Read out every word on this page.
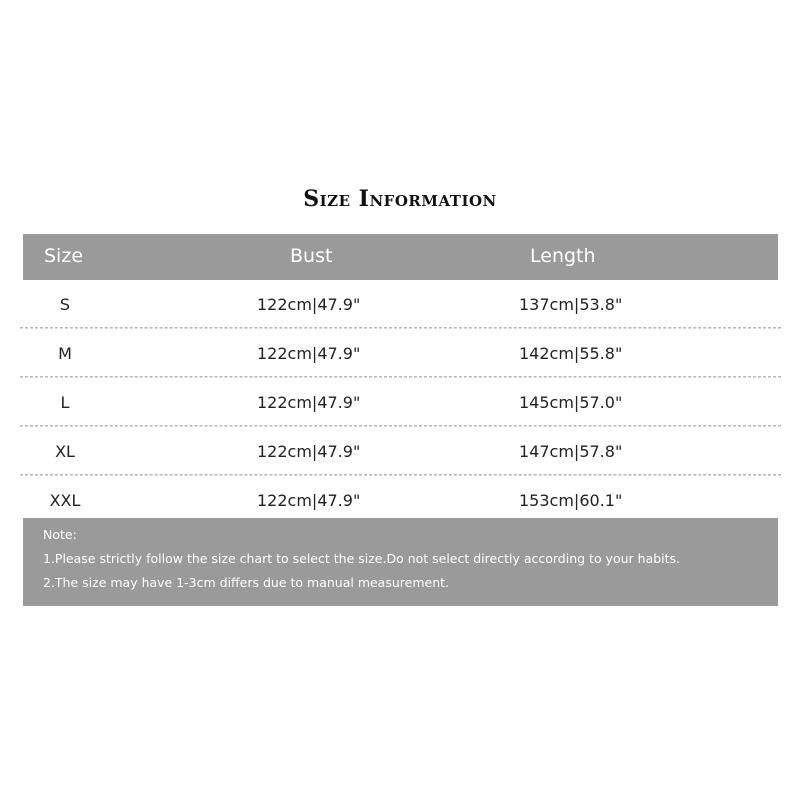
Size Information
Size	Bust	Length
S	122cm|47.9"	137cm|53.8"
M	122cm|47.9"	142cm|55.8"
L	122cm|47.9"	145cm|57.0"
XL	122cm|47.9"	147cm|57.8"
XXL	122cm|47.9"	153cm|60.1"
Note:
1.Please strictly follow the size chart to select the size.Do not select directly according to your habits.
2.The size may have 1-3cm differs due to manual measurement.
